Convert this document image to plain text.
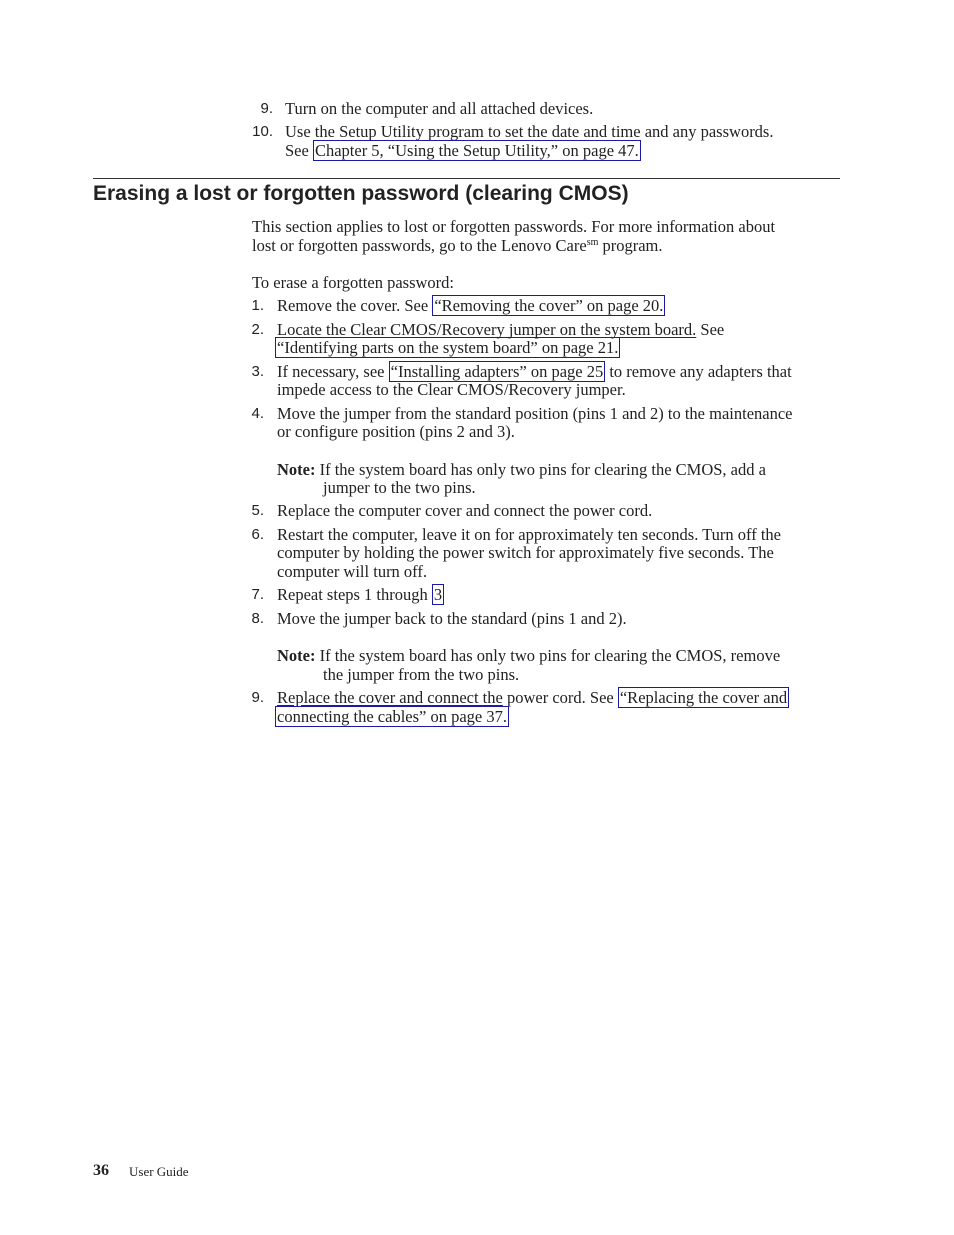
9. Turn on the computer and all attached devices.
10. Use the Setup Utility program to set the date and time and any passwords.
See Chapter 5, “Using the Setup Utility,” on page 47.
Erasing a lost or forgotten password (clearing CMOS)
This section applies to lost or forgotten passwords. For more information about
lost or forgotten passwords, go to the Lenovo Care$^{sm}$ program.
To erase a forgotten password:
1. Remove the cover. See “Removing the cover” on page 20.
2. Locate the Clear CMOS/Recovery jumper on the system board. See
“Identifying parts on the system board” on page 21.
3. If necessary, see “Installing adapters” on page 25 to remove any adapters that
impede access to the Clear CMOS/Recovery jumper.
4. Move the jumper from the standard position (pins 1 and 2) to the maintenance
or configure position (pins 2 and 3).
Note: If the system board has only two pins for clearing the CMOS, add a
jumper to the two pins.
5. Replace the computer cover and connect the power cord.
6. Restart the computer, leave it on for approximately ten seconds. Turn off the
computer by holding the power switch for approximately five seconds. The
computer will turn off.
7. Repeat steps 1 through 3
8. Move the jumper back to the standard (pins 1 and 2).
Note: If the system board has only two pins for clearing the CMOS, remove
the jumper from the two pins.
9. Replace the cover and connect the power cord. See “Replacing the cover and
connecting the cables” on page 37.
36 User Guide
